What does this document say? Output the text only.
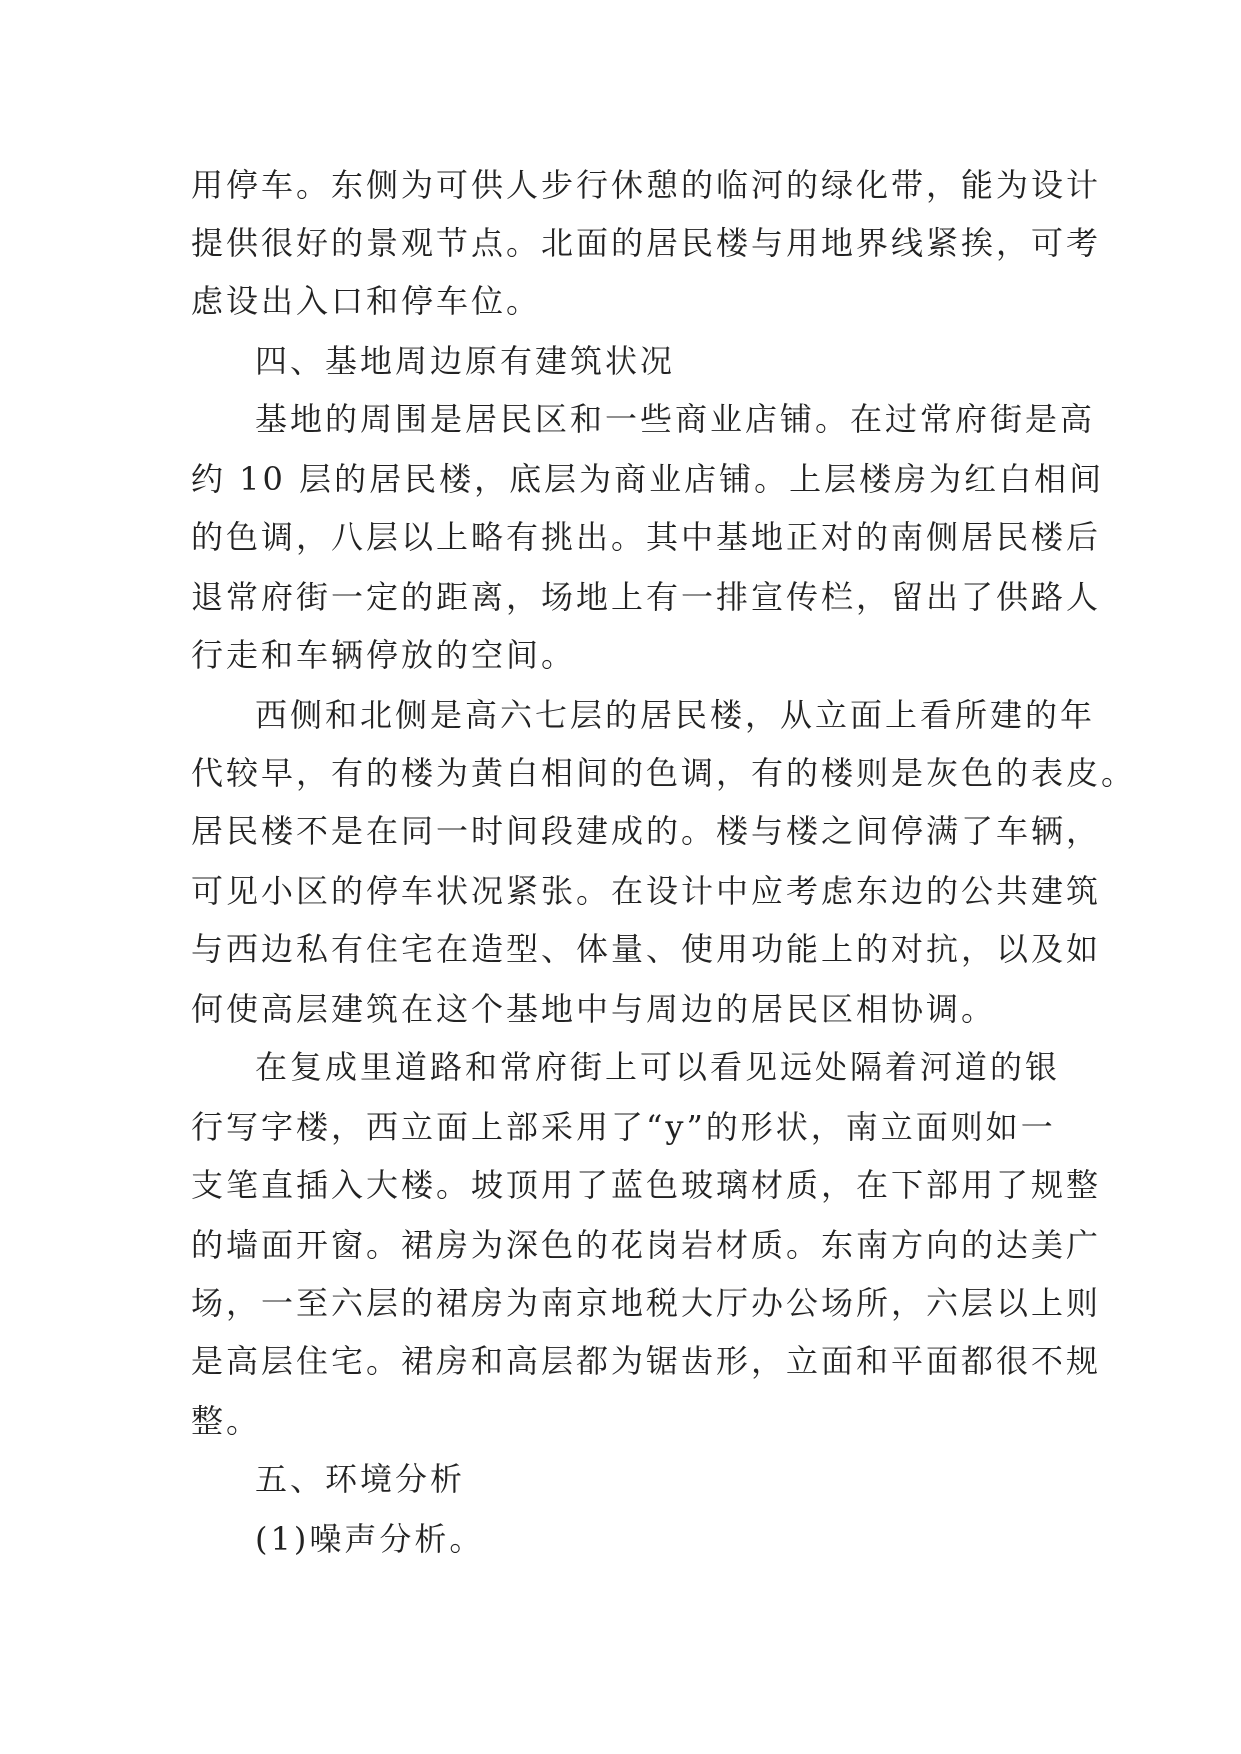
用停车。东侧为可供人步行休憩的临河的绿化带，能为设计
提供很好的景观节点。北面的居民楼与用地界线紧挨，可考
虑设出入口和停车位。
四、基地周边原有建筑状况
基地的周围是居民区和一些商业店铺。在过常府街是高
约 10 层的居民楼，底层为商业店铺。上层楼房为红白相间
的色调，八层以上略有挑出。其中基地正对的南侧居民楼后
退常府街一定的距离，场地上有一排宣传栏，留出了供路人
行走和车辆停放的空间。
西侧和北侧是高六七层的居民楼，从立面上看所建的年
代较早，有的楼为黄白相间的色调，有的楼则是灰色的表皮。
居民楼不是在同一时间段建成的。楼与楼之间停满了车辆，
可见小区的停车状况紧张。在设计中应考虑东边的公共建筑
与西边私有住宅在造型、体量、使用功能上的对抗，以及如
何使高层建筑在这个基地中与周边的居民区相协调。
在复成里道路和常府街上可以看见远处隔着河道的银
行写字楼，西立面上部采用了“y”的形状，南立面则如一
支笔直插入大楼。坡顶用了蓝色玻璃材质，在下部用了规整
的墙面开窗。裙房为深色的花岗岩材质。东南方向的达美广
场，一至六层的裙房为南京地税大厅办公场所，六层以上则
是高层住宅。裙房和高层都为锯齿形，立面和平面都很不规
整。
五、环境分析
(1)噪声分析。
